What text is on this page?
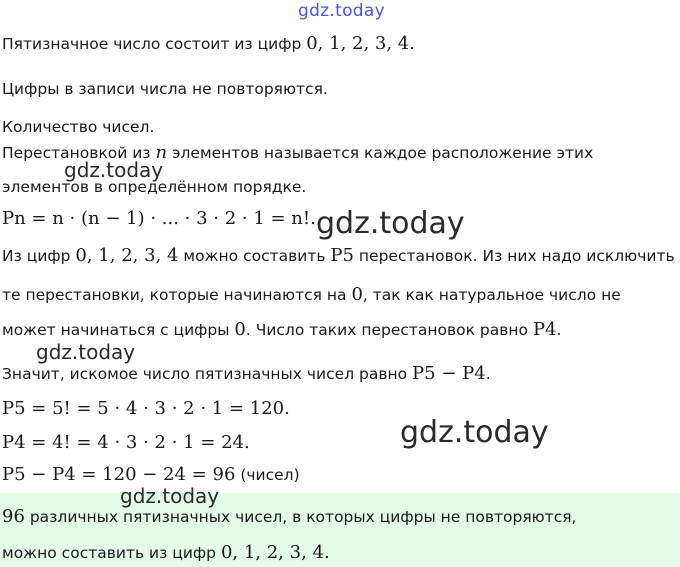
gdz.today
Пятизначное число состоит из цифр 0, 1, 2, 3, 4.
Цифры в записи числа не повторяются.
Количество чисел.
Перестановкой из n элементов называется каждое расположение этих
gdz.today
элементов в определённом порядке.
Pn = n · (n − 1) · ... · 3 · 2 · 1 = n!. gdz.today
Из цифр 0, 1, 2, 3, 4 можно составить P5 перестановок. Из них надо исключить
те перестановки, которые начинаются на 0, так как натуральное число не
может начинаться с цифры 0. Число таких перестановок равно P4.
gdz.today
Значит, искомое число пятизначных чисел равно P5 − P4.
P5 = 5! = 5 · 4 · 3 · 2 · 1 = 120.
gdz.today
P4 = 4! = 4 · 3 · 2 · 1 = 24.
P5 − P4 = 120 − 24 = 96 (чисел)
gdz.today
96 различных пятизначных чисел, в которых цифры не повторяются,
можно составить из цифр 0, 1, 2, 3, 4.
